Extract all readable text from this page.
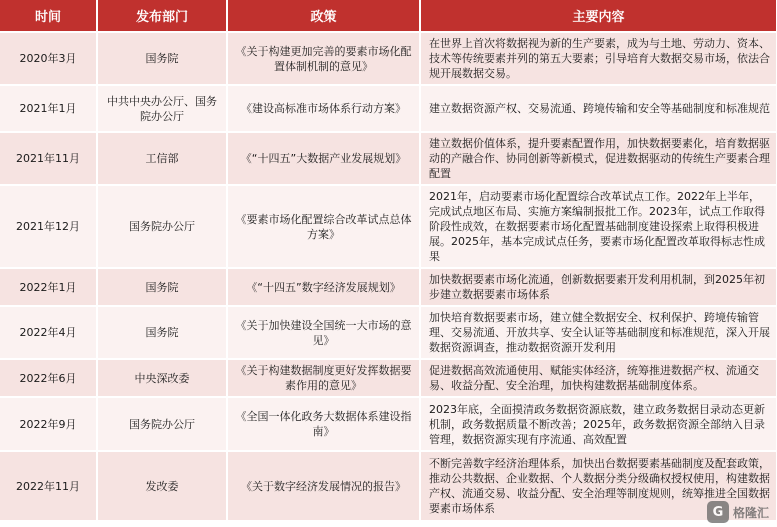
时间	发布部门	政策	主要内容
2020年3月	国务院	《关于构建更加完善的要素市场化配置体制机制的意见》	在世界上首次将数据视为新的生产要素，成为与土地、劳动力、资本、技术等传统要素并列的第五大要素；引导培育大数据交易市场，依法合规开展数据交易。
2021年1月	中共中央办公厅、国务院办公厅	《建设高标准市场体系行动方案》	建立数据资源产权、交易流通、跨境传输和安全等基础制度和标准规范
2021年11月	工信部	《“十四五”大数据产业发展规划》	建立数据价值体系，提升要素配置作用，加快数据要素化，培育数据驱动的产融合作、协同创新等新模式，促进数据驱动的传统生产要素合理配置
2021年12月	国务院办公厅	《要素市场化配置综合改革试点总体方案》	2021年，启动要素市场化配置综合改革试点工作。2022年上半年，完成试点地区布局、实施方案编制报批工作。2023年，试点工作取得阶段性成效，在数据要素市场化配置基础制度建设探索上取得积极进展。2025年，基本完成试点任务，要素市场化配置改革取得标志性成果
2022年1月	国务院	《“十四五”数字经济发展规划》	加快数据要素市场化流通，创新数据要素开发利用机制，到2025年初步建立数据要素市场体系
2022年4月	国务院	《关于加快建设全国统一大市场的意见》	加快培育数据要素市场，建立健全数据安全、权利保护、跨境传输管理、交易流通、开放共享、安全认证等基础制度和标准规范，深入开展数据资源调查，推动数据资源开发利用
2022年6月	中央深改委	《关于构建数据制度更好发挥数据要素作用的意见》	促进数据高效流通使用、赋能实体经济，统筹推进数据产权、流通交易、收益分配、安全治理，加快构建数据基础制度体系。
2022年9月	国务院办公厅	《全国一体化政务大数据体系建设指南》	2023年底，全面摸清政务数据资源底数，建立政务数据目录动态更新机制，政务数据质量不断改善；2025年，政务数据资源全部纳入目录管理，数据资源实现有序流通、高效配置
2022年11月	发改委	《关于数字经济发展情况的报告》	不断完善数字经济治理体系，加快出台数据要素基础制度及配套政策，推动公共数据、企业数据、个人数据分类分级确权授权使用，构建数据产权、流通交易、收益分配、安全治理等制度规则，统筹推进全国数据要素市场体系	G 格隆汇
